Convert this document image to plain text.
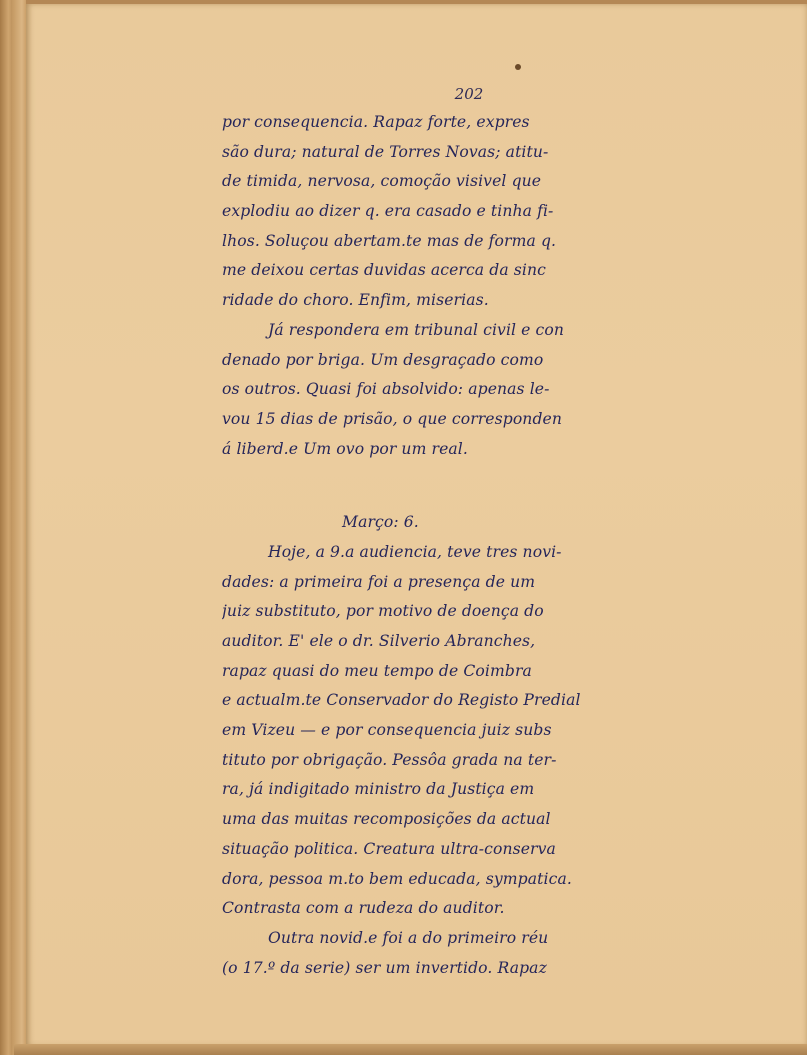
202
por consequencia. Rapaz forte, expres
são dura; natural de Torres Novas; atitu-
de timida, nervosa, comoção visivel que
explodiu ao dizer q. era casado e tinha fi-
lhos. Soluçou abertam.te mas de forma q.
me deixou certas duvidas acerca da sinc
ridade do choro. Enfim, miserias.
Já respondera em tribunal civil e con
denado por briga. Um desgraçado como
os outros. Quasi foi absolvido: apenas le-
vou 15 dias de prisão, o que corresponden
á liberd.e Um ovo por um real.
Março: 6.
Hoje, a 9.a audiencia, teve tres novi-
dades: a primeira foi a presença de um
juiz substituto, por motivo de doença do
auditor. E' ele o dr. Silverio Abranches,
rapaz quasi do meu tempo de Coimbra
e actualm.te Conservador do Registo Predial
em Vizeu — e por consequencia juiz subs
tituto por obrigação. Pessôa grada na ter-
ra, já indigitado ministro da Justiça em
uma das muitas recomposições da actual
situação politica. Creatura ultra-conserva
dora, pessoa m.to bem educada, sympatica.
Contrasta com a rudeza do auditor.
Outra novid.e foi a do primeiro réu
(o 17.º da serie) ser um invertido. Rapaz
